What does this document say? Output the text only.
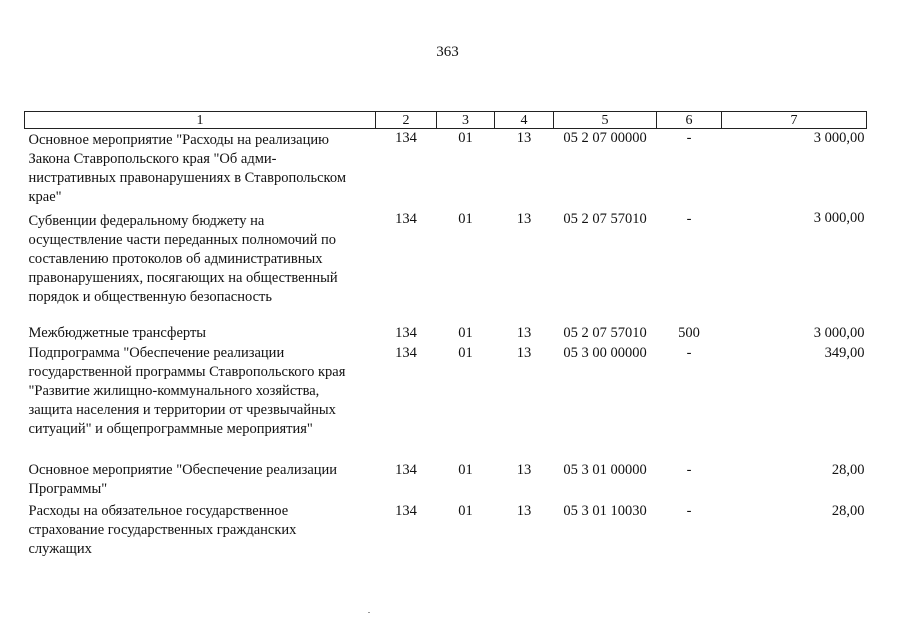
363
1	2	3	4	5	6	7

Основное мероприятие "Расходы на реализацию
Закона Ставропольского края "Об адми-
нистративных правонарушениях в Ставропольском
крае"	134	01	13	05 2 07 00000	-	3 000,00

Субвенции федеральному бюджету на
осуществление части переданных полномочий по
составлению протоколов об административных
правонарушениях, посягающих на общественный
порядок и общественную безопасность	134	01	13	05 2 07 57010	-	3 000,00

Межбюджетные трансферты	134	01	13	05 2 07 57010	500	3 000,00

Подпрограмма "Обеспечение реализации
государственной программы Ставропольского края
"Развитие жилищно-коммунального хозяйства,
защита населения и территории от чрезвычайных
ситуаций" и общепрограммные мероприятия"	134	01	13	05 3 00 00000	-	349,00

Основное мероприятие "Обеспечение реализации
Программы"	134	01	13	05 3 01 00000	-	28,00

Расходы на обязательное государственное
страхование государственных гражданских
служащих	134	01	13	05 3 01 10030	-	28,00
